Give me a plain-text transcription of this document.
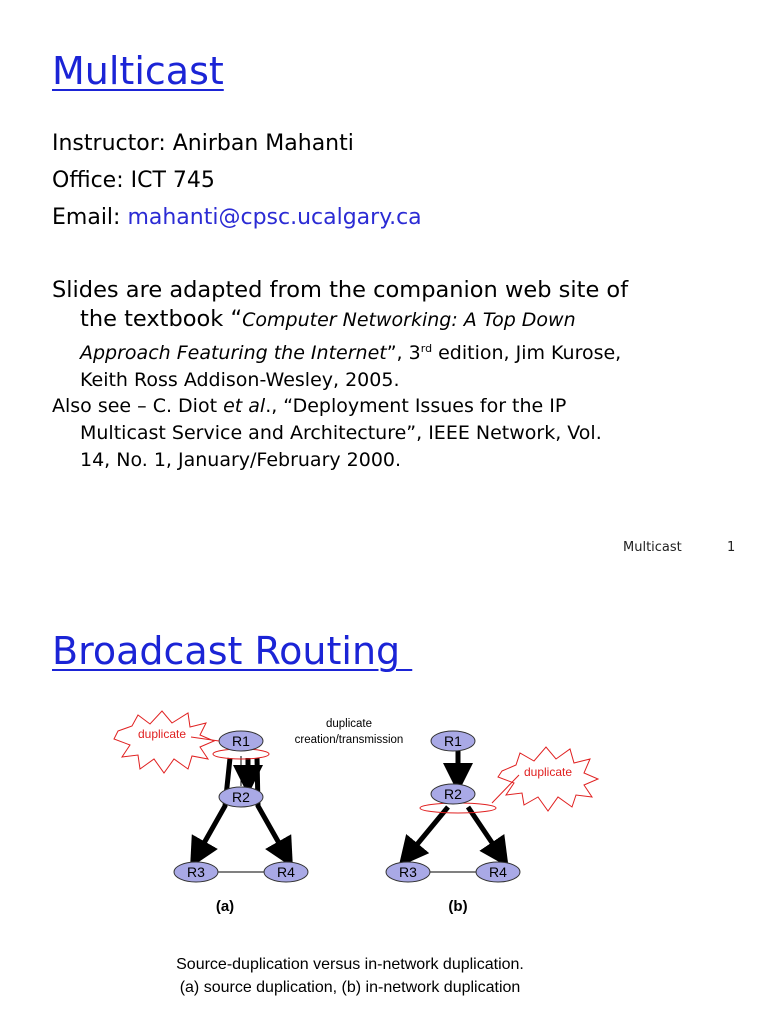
Multicast
Instructor: Anirban Mahanti
Office: ICT 745
Email: mahanti@cpsc.ucalgary.ca
Slides are adapted from the companion web site of
the textbook “Computer Networking: A Top Down
Approach Featuring the Internet”, 3rd edition, Jim Kurose,
Keith Ross Addison-Wesley, 2005.
Also see – C. Diot et al., “Deployment Issues for the IP
Multicast Service and Architecture”, IEEE Network, Vol.
14, No. 1, January/February 2000.
Multicast	1
Broadcast Routing
R1
R2
R3	R4
duplicate
(a)
duplicate
creation/transmission	R1
R2
R3	R4
duplicate
(b)
Source-duplication versus in-network duplication.
(a) source duplication, (b) in-network duplication
